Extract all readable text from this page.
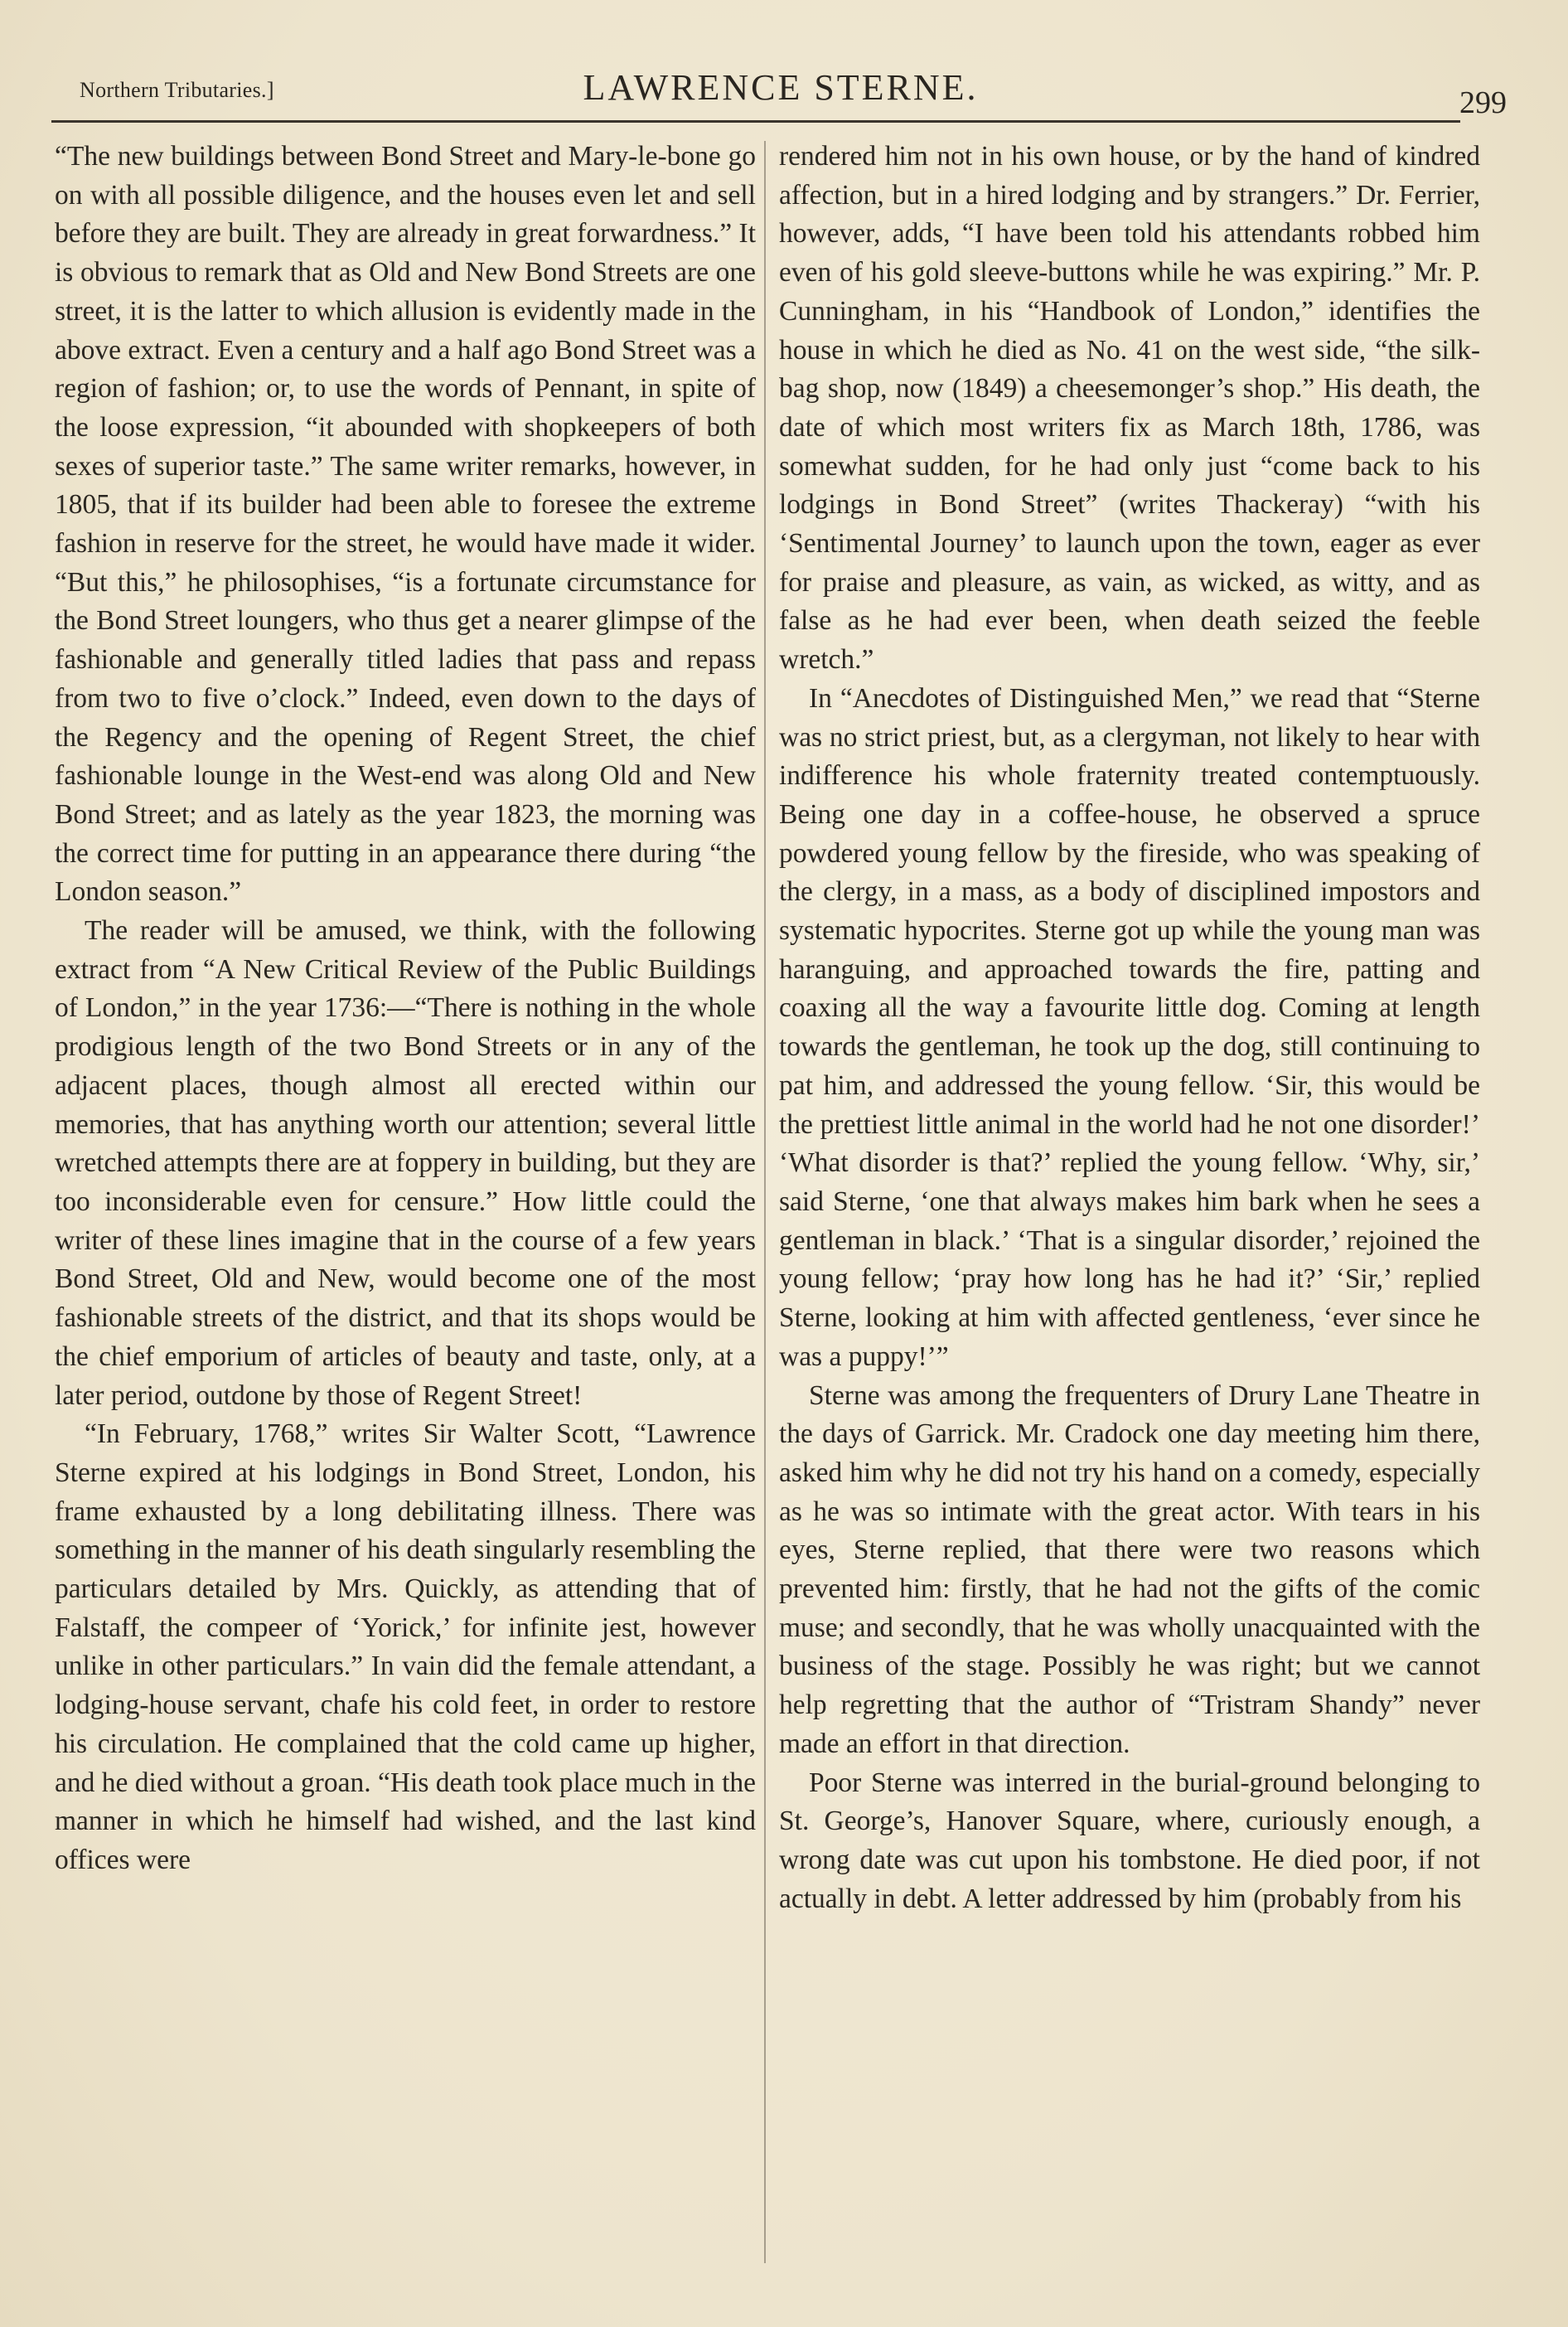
Northern Tributaries.]	LAWRENCE STERNE.	299

“The new buildings between Bond Street and Mary-le-bone go on with all possible diligence, and the houses even let and sell before they are built. They are already in great forwardness.” It is obvious to remark that as Old and New Bond Streets are one street, it is the latter to which allusion is evidently made in the above extract. Even a century and a half ago Bond Street was a region of fashion; or, to use the words of Pennant, in spite of the loose expression, “it abounded with shopkeepers of both sexes of superior taste.” The same writer remarks, however, in 1805, that if its builder had been able to foresee the extreme fashion in reserve for the street, he would have made it wider. “But this,” he philosophises, “is a fortunate circumstance for the Bond Street loungers, who thus get a nearer glimpse of the fashionable and generally titled ladies that pass and repass from two to five o’clock.” Indeed, even down to the days of the Regency and the opening of Regent Street, the chief fashionable lounge in the West-end was along Old and New Bond Street; and as lately as the year 1823, the morning was the correct time for putting in an appearance there during “the London season.”

The reader will be amused, we think, with the following extract from “A New Critical Review of the Public Buildings of London,” in the year 1736:—“There is nothing in the whole prodigious length of the two Bond Streets or in any of the adjacent places, though almost all erected within our memories, that has anything worth our attention; several little wretched attempts there are at foppery in building, but they are too inconsiderable even for censure.” How little could the writer of these lines imagine that in the course of a few years Bond Street, Old and New, would become one of the most fashionable streets of the district, and that its shops would be the chief emporium of articles of beauty and taste, only, at a later period, outdone by those of Regent Street!

“In February, 1768,” writes Sir Walter Scott, “Lawrence Sterne expired at his lodgings in Bond Street, London, his frame exhausted by a long debilitating illness. There was something in the manner of his death singularly resembling the particulars detailed by Mrs. Quickly, as attending that of Falstaff, the compeer of ‘Yorick,’ for infinite jest, however unlike in other particulars.” In vain did the female attendant, a lodging-house servant, chafe his cold feet, in order to restore his circulation. He complained that the cold came up higher, and he died without a groan. “His death took place much in the manner in which he himself had wished, and the last kind offices were

rendered him not in his own house, or by the hand of kindred affection, but in a hired lodging and by strangers.” Dr. Ferrier, however, adds, “I have been told his attendants robbed him even of his gold sleeve-buttons while he was expiring.” Mr. P. Cunningham, in his “Handbook of London,” identifies the house in which he died as No. 41 on the west side, “the silk-bag shop, now (1849) a cheesemonger’s shop.” His death, the date of which most writers fix as March 18th, 1786, was somewhat sudden, for he had only just “come back to his lodgings in Bond Street” (writes Thackeray) “with his ‘Sentimental Journey’ to launch upon the town, eager as ever for praise and pleasure, as vain, as wicked, as witty, and as false as he had ever been, when death seized the feeble wretch.”

In “Anecdotes of Distinguished Men,” we read that “Sterne was no strict priest, but, as a clergyman, not likely to hear with indifference his whole fraternity treated contemptuously. Being one day in a coffee-house, he observed a spruce powdered young fellow by the fireside, who was speaking of the clergy, in a mass, as a body of disciplined impostors and systematic hypocrites. Sterne got up while the young man was haranguing, and approached towards the fire, patting and coaxing all the way a favourite little dog. Coming at length towards the gentleman, he took up the dog, still continuing to pat him, and addressed the young fellow. ‘Sir, this would be the prettiest little animal in the world had he not one disorder!’ ‘What disorder is that?’ replied the young fellow. ‘Why, sir,’ said Sterne, ‘one that always makes him bark when he sees a gentleman in black.’ ‘That is a singular disorder,’ rejoined the young fellow; ‘pray how long has he had it?’ ‘Sir,’ replied Sterne, looking at him with affected gentleness, ‘ever since he was a puppy!’”

Sterne was among the frequenters of Drury Lane Theatre in the days of Garrick. Mr. Cradock one day meeting him there, asked him why he did not try his hand on a comedy, especially as he was so intimate with the great actor. With tears in his eyes, Sterne replied, that there were two reasons which prevented him: firstly, that he had not the gifts of the comic muse; and secondly, that he was wholly unacquainted with the business of the stage. Possibly he was right; but we cannot help regretting that the author of “Tristram Shandy” never made an effort in that direction.

Poor Sterne was interred in the burial-ground belonging to St. George’s, Hanover Square, where, curiously enough, a wrong date was cut upon his tombstone. He died poor, if not actually in debt. A letter addressed by him (probably from his
